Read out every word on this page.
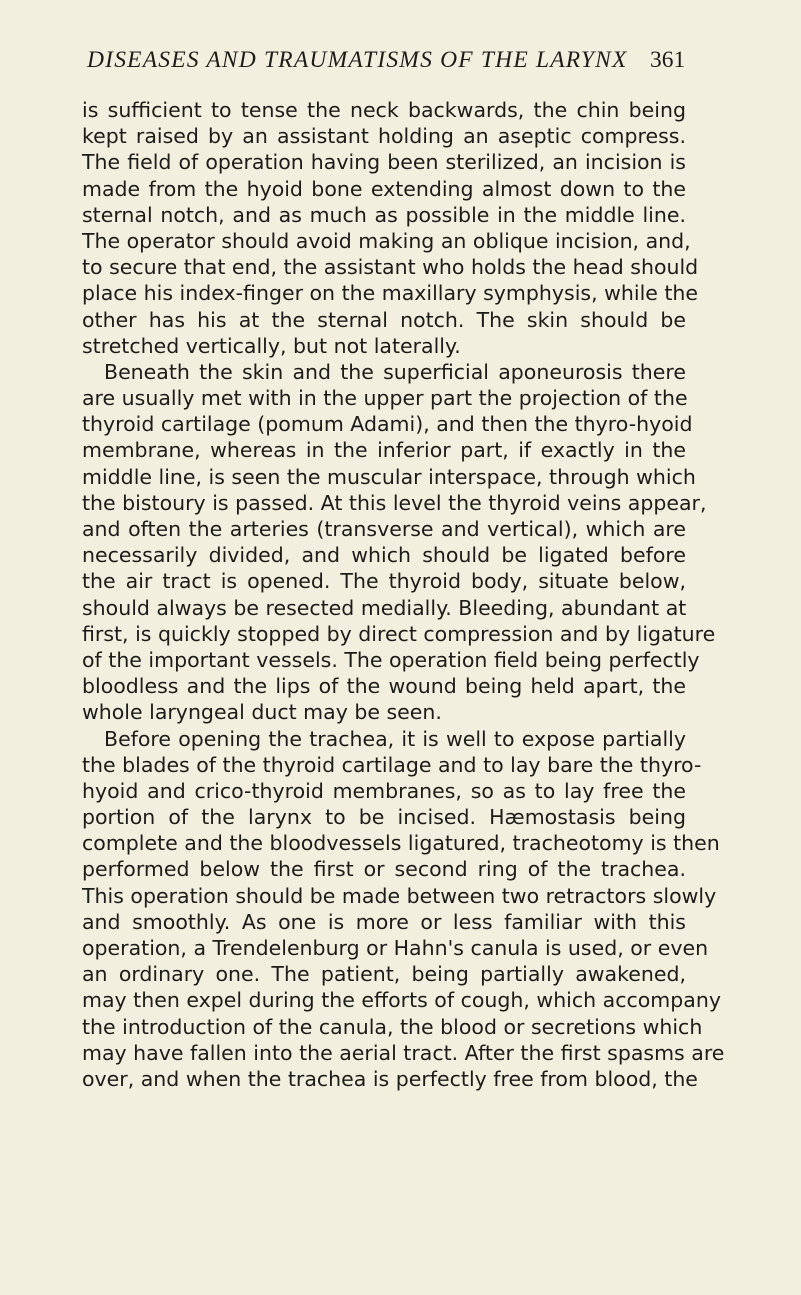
DISEASES AND TRAUMATISMS OF THE LARYNX 361
is sufficient to tense the neck backwards, the chin being
kept raised by an assistant holding an aseptic compress.
The field of operation having been sterilized, an incision is
made from the hyoid bone extending almost down to the
sternal notch, and as much as possible in the middle line.
The operator should avoid making an oblique incision, and,
to secure that end, the assistant who holds the head should
place his index-finger on the maxillary symphysis, while the
other has his at the sternal notch. The skin should be
stretched vertically, but not laterally.
Beneath the skin and the superficial aponeurosis there
are usually met with in the upper part the projection of the
thyroid cartilage (pomum Adami), and then the thyro-hyoid
membrane, whereas in the inferior part, if exactly in the
middle line, is seen the muscular interspace, through which
the bistoury is passed. At this level the thyroid veins appear,
and often the arteries (transverse and vertical), which are
necessarily divided, and which should be ligated before
the air tract is opened. The thyroid body, situate below,
should always be resected medially. Bleeding, abundant at
first, is quickly stopped by direct compression and by ligature
of the important vessels. The operation field being perfectly
bloodless and the lips of the wound being held apart, the
whole laryngeal duct may be seen.
Before opening the trachea, it is well to expose partially
the blades of the thyroid cartilage and to lay bare the thyro-
hyoid and crico-thyroid membranes, so as to lay free the
portion of the larynx to be incised. Hæmostasis being
complete and the bloodvessels ligatured, tracheotomy is then
performed below the first or second ring of the trachea.
This operation should be made between two retractors slowly
and smoothly. As one is more or less familiar with this
operation, a Trendelenburg or Hahn's canula is used, or even
an ordinary one. The patient, being partially awakened,
may then expel during the efforts of cough, which accompany
the introduction of the canula, the blood or secretions which
may have fallen into the aerial tract. After the first spasms are
over, and when the trachea is perfectly free from blood, the
